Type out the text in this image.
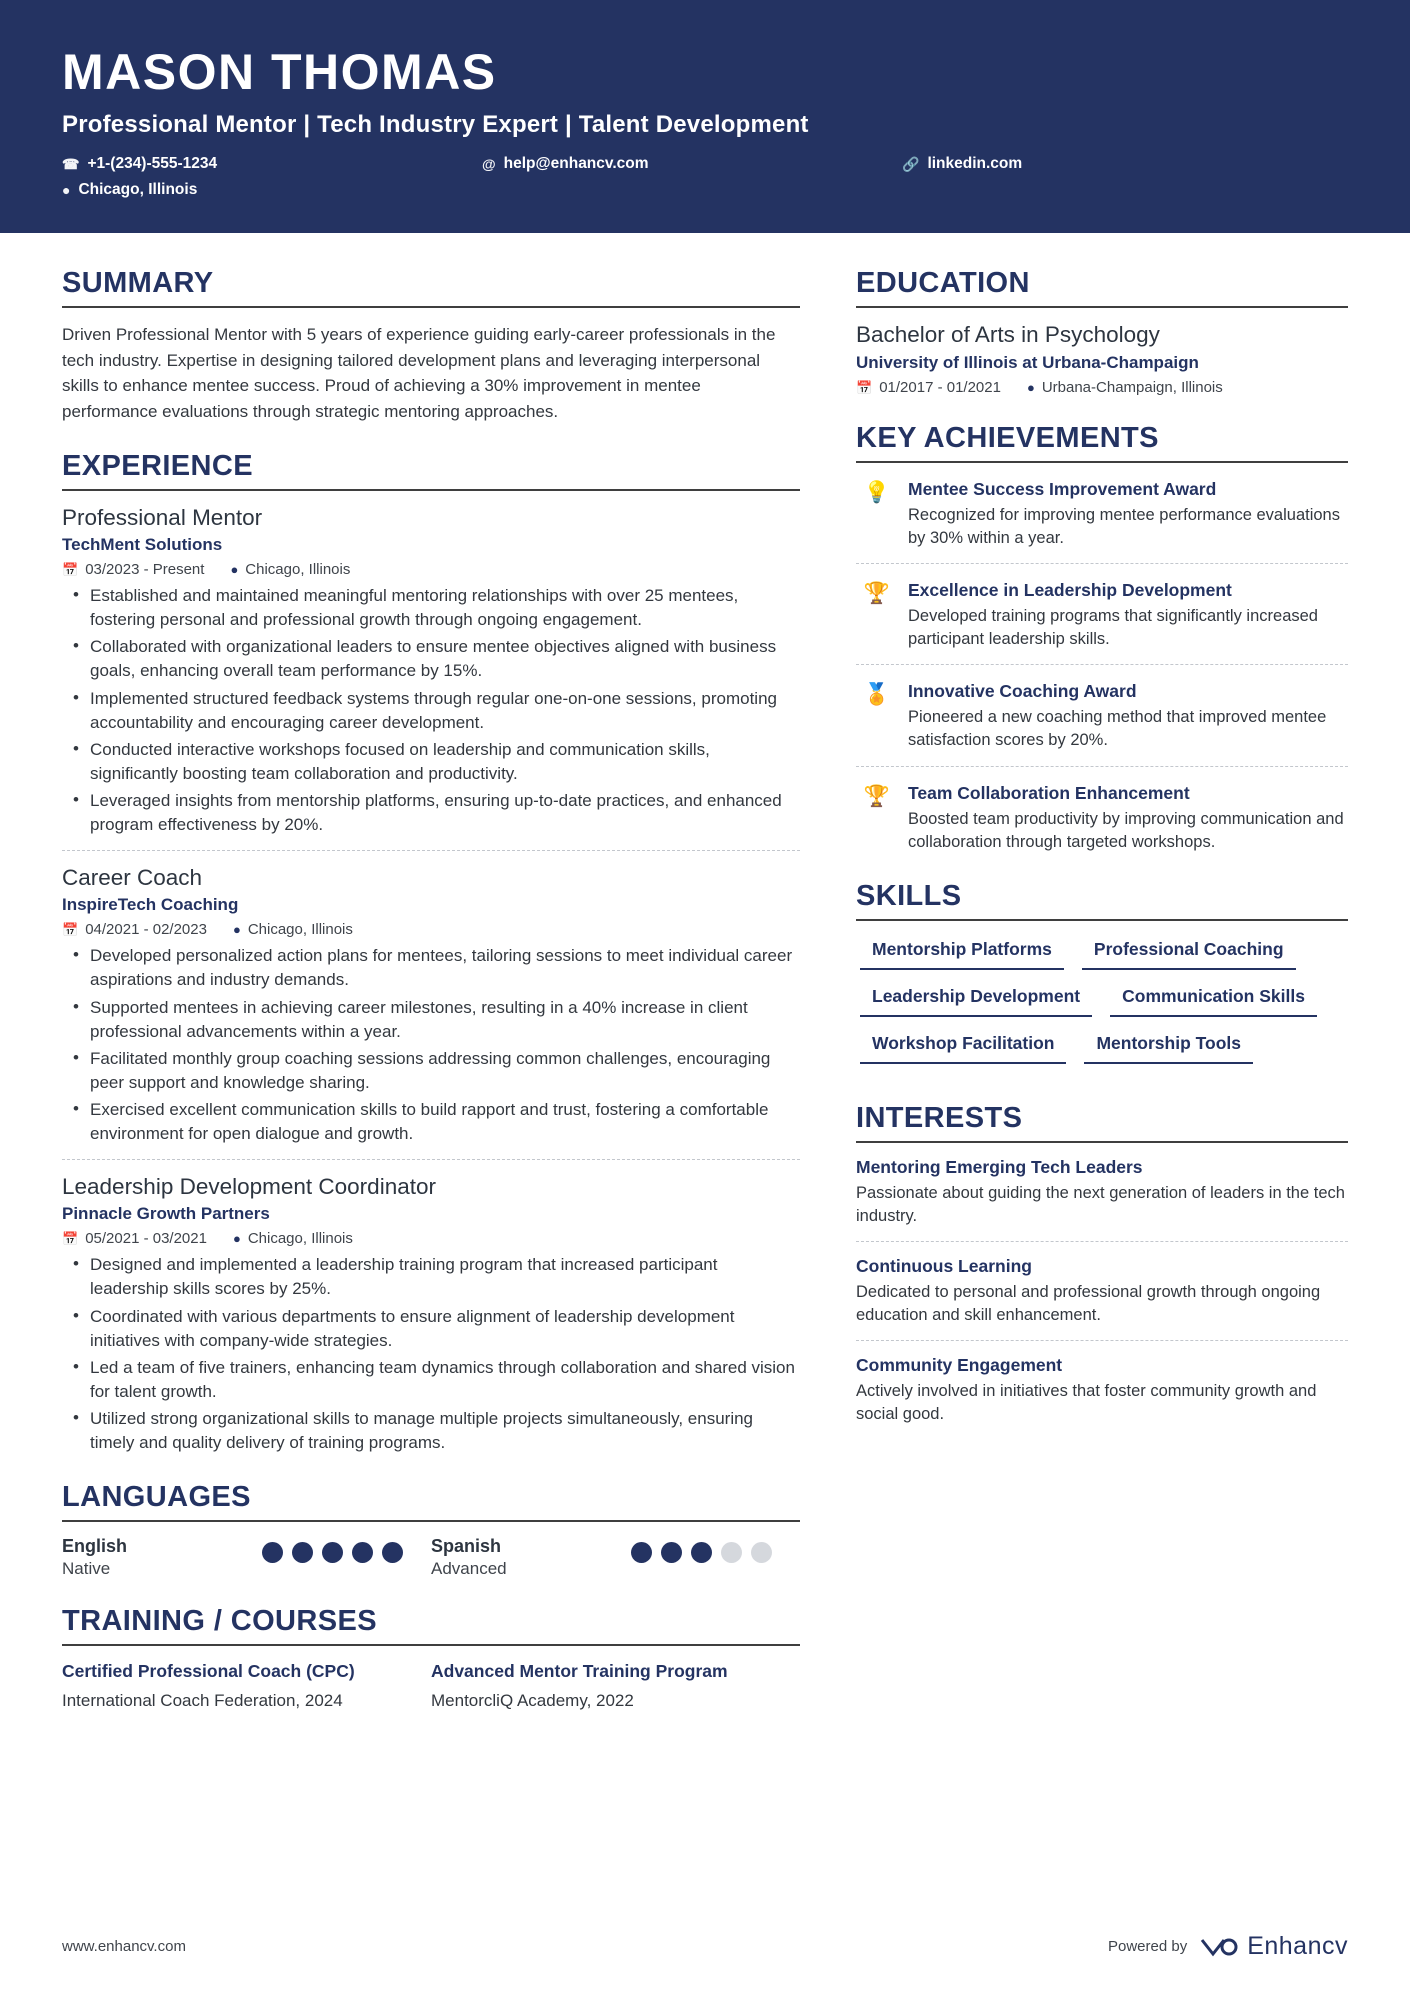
MASON THOMAS
Professional Mentor | Tech Industry Expert | Talent Development
☎ +1-(234)-555-1234	@ help@enhancv.com	🔗 linkedin.com
● Chicago, Illinois
SUMMARY
Driven Professional Mentor with 5 years of experience guiding early-career professionals in the tech industry. Expertise in designing tailored development plans and leveraging interpersonal skills to enhance mentee success. Proud of achieving a 30% improvement in mentee performance evaluations through strategic mentoring approaches.
EXPERIENCE
Professional Mentor
TechMent Solutions
📅 03/2023 - Present ● Chicago, Illinois
• Established and maintained meaningful mentoring relationships with over 25 mentees, fostering personal and professional growth through ongoing engagement.
• Collaborated with organizational leaders to ensure mentee objectives aligned with business goals, enhancing overall team performance by 15%.
• Implemented structured feedback systems through regular one-on-one sessions, promoting accountability and encouraging career development.
• Conducted interactive workshops focused on leadership and communication skills, significantly boosting team collaboration and productivity.
• Leveraged insights from mentorship platforms, ensuring up-to-date practices, and enhanced program effectiveness by 20%.
Career Coach
InspireTech Coaching
📅 04/2021 - 02/2023 ● Chicago, Illinois
• Developed personalized action plans for mentees, tailoring sessions to meet individual career aspirations and industry demands.
• Supported mentees in achieving career milestones, resulting in a 40% increase in client professional advancements within a year.
• Facilitated monthly group coaching sessions addressing common challenges, encouraging peer support and knowledge sharing.
• Exercised excellent communication skills to build rapport and trust, fostering a comfortable environment for open dialogue and growth.
Leadership Development Coordinator
Pinnacle Growth Partners
📅 05/2021 - 03/2021 ● Chicago, Illinois
• Designed and implemented a leadership training program that increased participant leadership skills scores by 25%.
• Coordinated with various departments to ensure alignment of leadership development initiatives with company-wide strategies.
• Led a team of five trainers, enhancing team dynamics through collaboration and shared vision for talent growth.
• Utilized strong organizational skills to manage multiple projects simultaneously, ensuring timely and quality delivery of training programs.
LANGUAGES
English
Native
Spanish
Advanced
TRAINING / COURSES
Certified Professional Coach (CPC)
International Coach Federation, 2024
Advanced Mentor Training Program
MentorcliQ Academy, 2022
EDUCATION
Bachelor of Arts in Psychology
University of Illinois at Urbana-Champaign
📅 01/2017 - 01/2021 ● Urbana-Champaign, Illinois
KEY ACHIEVEMENTS
💡 Mentee Success Improvement Award
Recognized for improving mentee performance evaluations by 30% within a year.
🏆 Excellence in Leadership Development
Developed training programs that significantly increased participant leadership skills.
🏅 Innovative Coaching Award
Pioneered a new coaching method that improved mentee satisfaction scores by 20%.
🏆 Team Collaboration Enhancement
Boosted team productivity by improving communication and collaboration through targeted workshops.
SKILLS
Mentorship Platforms	Professional Coaching
Leadership Development	Communication Skills
Workshop Facilitation	Mentorship Tools
INTERESTS
Mentoring Emerging Tech Leaders
Passionate about guiding the next generation of leaders in the tech industry.
Continuous Learning
Dedicated to personal and professional growth through ongoing education and skill enhancement.
Community Engagement
Actively involved in initiatives that foster community growth and social good.
www.enhancv.com	Powered by Enhancv
